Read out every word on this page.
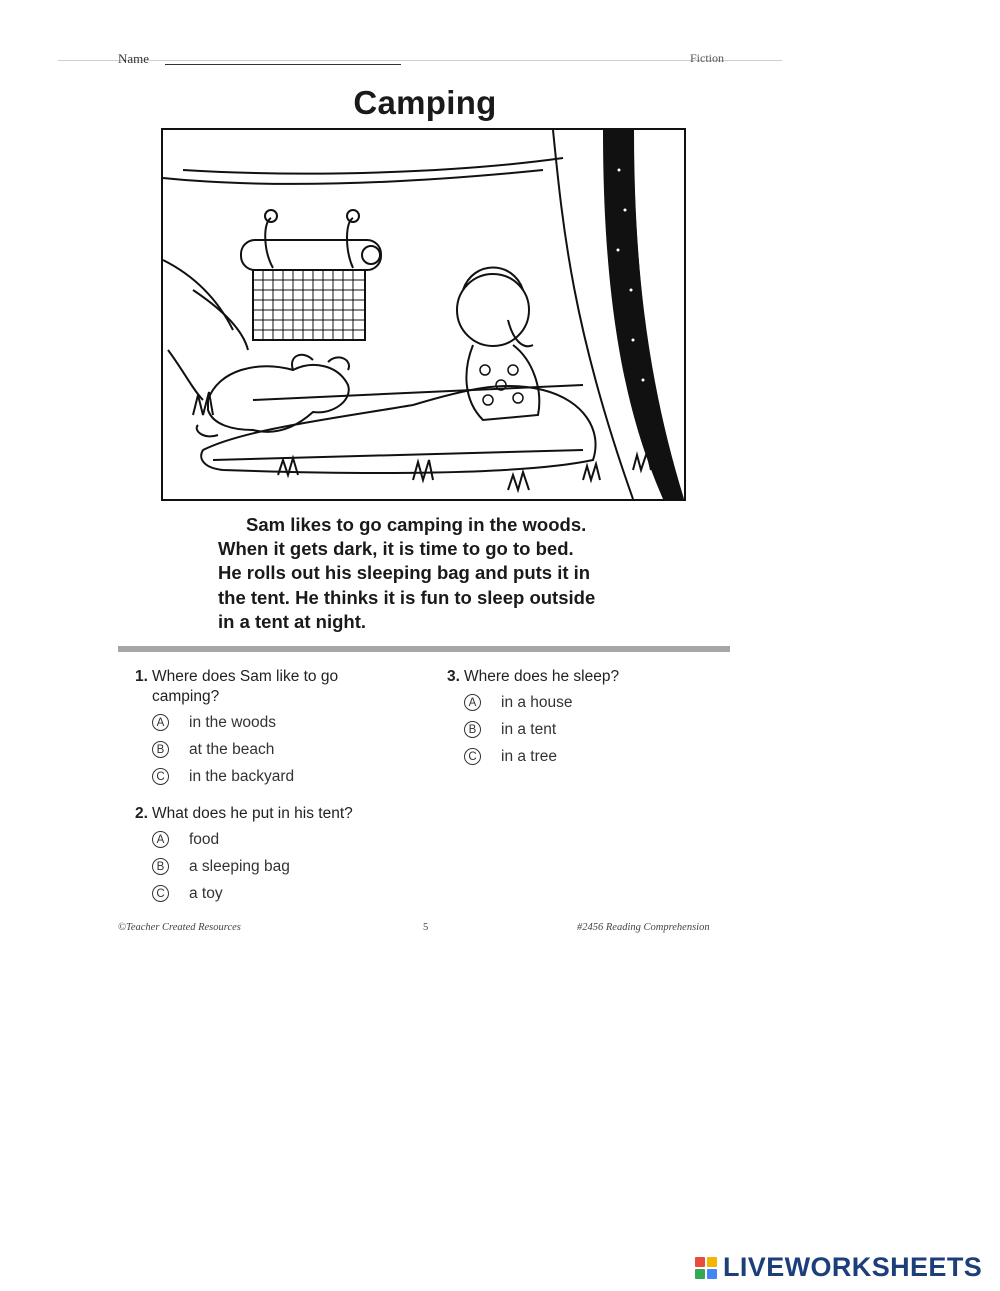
Name	Fiction
Camping

Sam likes to go camping in the woods.

When it gets dark, it is time to go to bed.

He rolls out his sleeping bag and puts it in

the tent. He thinks it is fun to sleep outside

in a tent at night.

1. Where does Sam like to go camping?
A	in the woods
B	at the beach
C in the backyard
2. What does he put in his tent?
A	food
B	a sleeping bag
C a toy
3. Where does he sleep?
A	in a house
B	in a tent
C in a tree
©Teacher Created Resources	5	#2456 Reading Comprehension
LIVEWORKSHEETS
